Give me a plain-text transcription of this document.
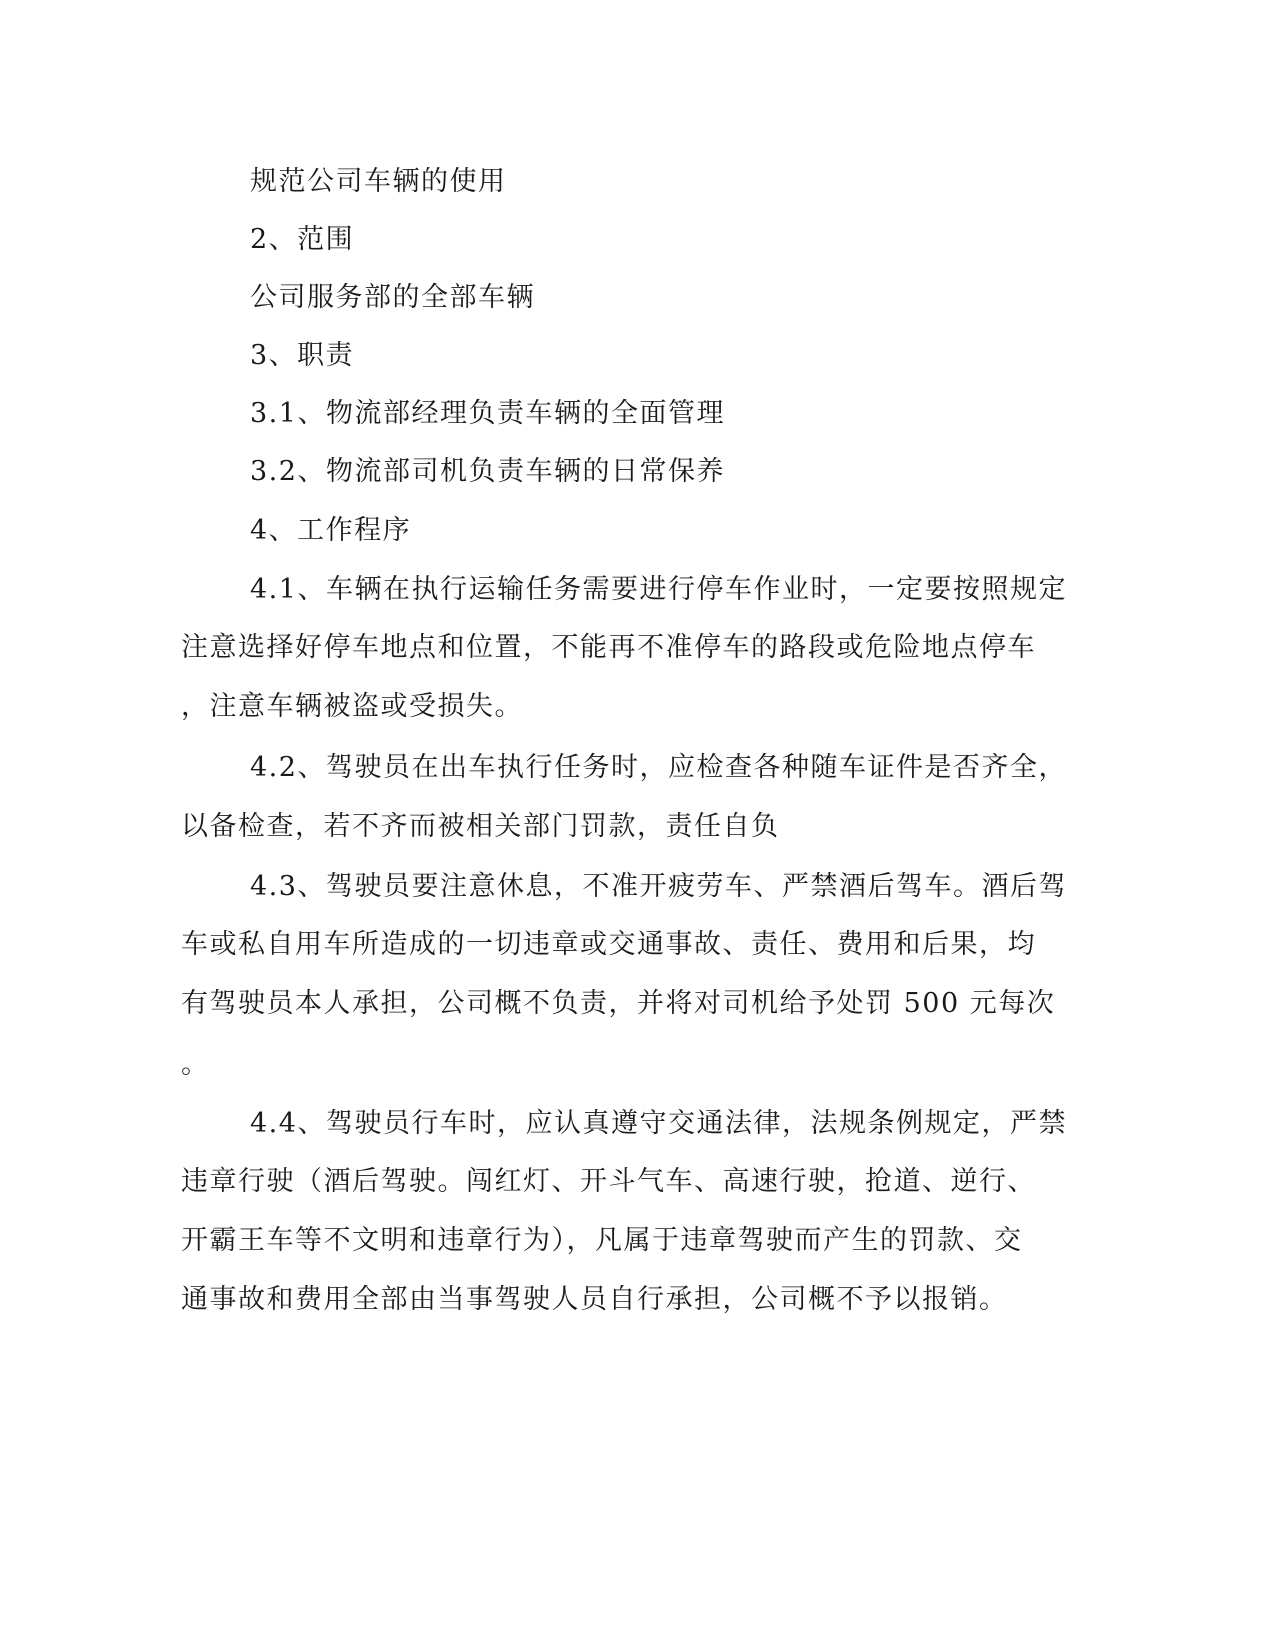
规范公司车辆的使用
2、范围
公司服务部的全部车辆
3、职责
3.1、物流部经理负责车辆的全面管理
3.2、物流部司机负责车辆的日常保养
4、工作程序
4.1、车辆在执行运输任务需要进行停车作业时，一定要按照规定
注意选择好停车地点和位置，不能再不准停车的路段或危险地点停车
，注意车辆被盗或受损失。
4.2、驾驶员在出车执行任务时，应检查各种随车证件是否齐全，
以备检查，若不齐而被相关部门罚款，责任自负
4.3、驾驶员要注意休息，不准开疲劳车、严禁酒后驾车。酒后驾
车或私自用车所造成的一切违章或交通事故、责任、费用和后果，均
有驾驶员本人承担，公司概不负责，并将对司机给予处罚 500 元每次
。
4.4、驾驶员行车时，应认真遵守交通法律，法规条例规定，严禁
违章行驶（酒后驾驶。闯红灯、开斗气车、高速行驶，抢道、逆行、
开霸王车等不文明和违章行为），凡属于违章驾驶而产生的罚款、交
通事故和费用全部由当事驾驶人员自行承担，公司概不予以报销。
